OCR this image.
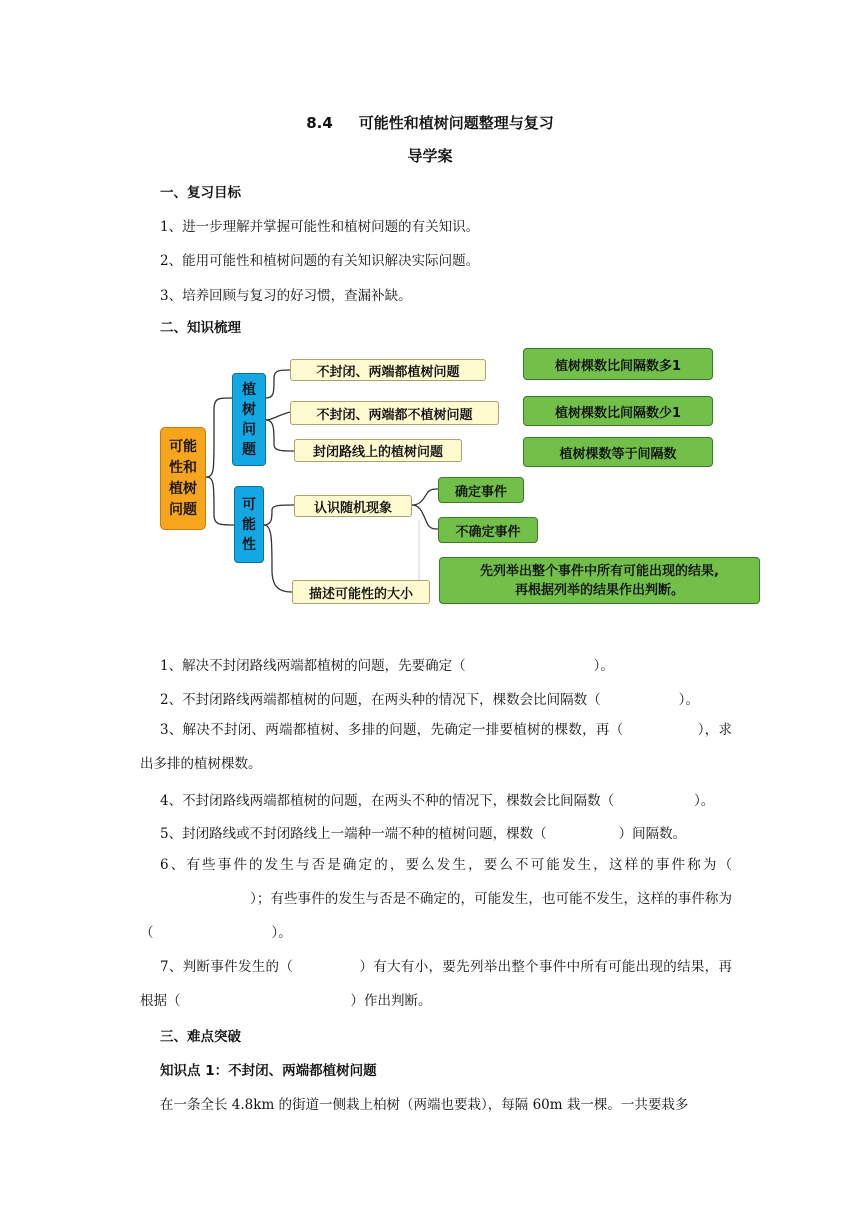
8.4 可能性和植树问题整理与复习
导学案
一、复习目标
1、进一步理解并掌握可能性和植树问题的有关知识。
2、能用可能性和植树问题的有关知识解决实际问题。
3、培养回顾与复习的好习惯，查漏补缺。
二、知识梳理
可能性和植树问题
植树问题
可能性
不封闭、两端都植树问题
不封闭、两端都不植树问题
封闭路线上的植树问题
植树棵数比间隔数多1
植树棵数比间隔数少1
植树棵数等于间隔数
认识随机现象
描述可能性的大小
确定事件
不确定事件
先列举出整个事件中所有可能出现的结果,
再根据列举的结果作出判断。
1、解决不封闭路线两端都植树的问题，先要确定（	）。
2、不封闭路线两端都植树的问题，在两头种的情况下，棵数会比间隔数（	）。
3、解决不封闭、两端都植树、多排的问题，先确定一排要植树的棵数，再（	），求出多排的植树棵数。
4、不封闭路线两端都植树的问题，在两头不种的情况下，棵数会比间隔数（	）。
5、封闭路线或不封闭路线上一端种一端不种的植树问题，棵数（	）间隔数。
6、有些事件的发生与否是确定的，要么发生，要么不可能发生，这样的事件称为（）；有些事件的发生与否是不确定的，可能发生，也可能不发生，这样的事件称为（	）。
7、判断事件发生的（	）有大有小，要先列举出整个事件中所有可能出现的结果，再根据（	）作出判断。
三、难点突破
知识点 1：不封闭、两端都植树问题
在一条全长 4.8km 的街道一侧栽上柏树（两端也要栽），每隔 60m 栽一棵。一共要栽多
